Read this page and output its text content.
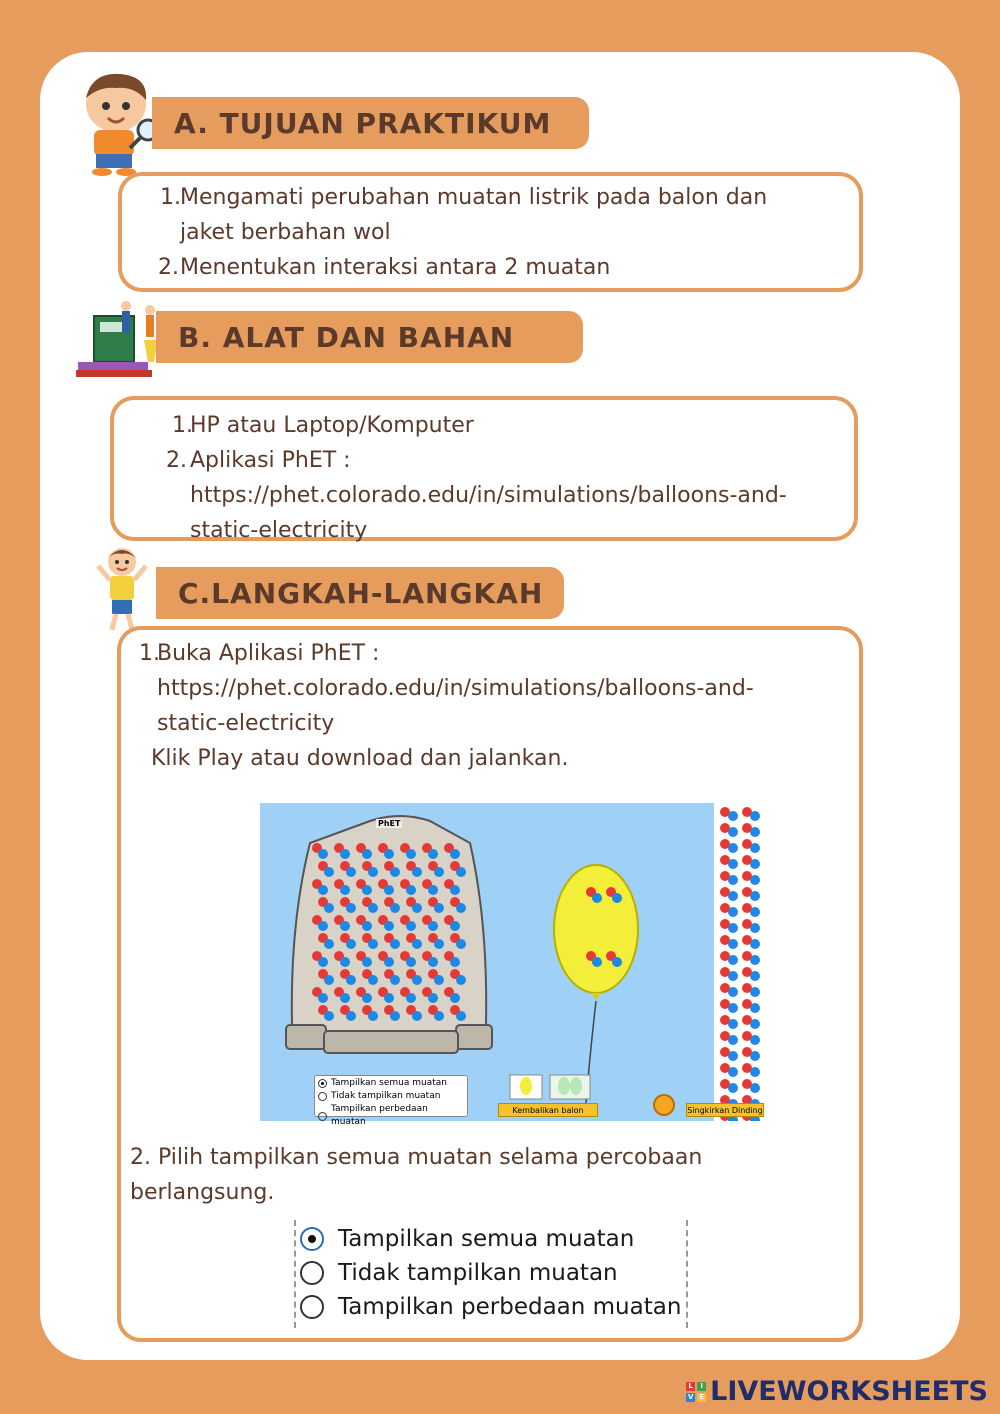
A. TUJUAN PRAKTIKUM
1. Mengamati perubahan muatan listrik pada balon dan
jaket berbahan wol
2. Menentukan interaksi antara 2 muatan
B. ALAT DAN BAHAN
1.
HP atau Laptop/Komputer
2. Aplikasi PhET :
https://phet.colorado.edu/in/simulations/balloons-and-
static-electricity
C.LANGKAH-LANGKAH
1.
Buka Aplikasi PhET :
https://phet.colorado.edu/in/simulations/balloons-and-
static-electricity
Klik Play atau download dan jalankan.
2. Pilih tampilkan semua muatan selama percobaan
berlangsung.
PhET
Tampilkan semua muatan
Tidak tampilkan muatan
Tampilkan perbedaan muatan
Kembalikan balon	Singkirkan Dinding
Tampilkan semua muatan
Tidak tampilkan muatan
Tampilkan perbedaan muatan
L	I
V E LIVEWORKSHEETS
